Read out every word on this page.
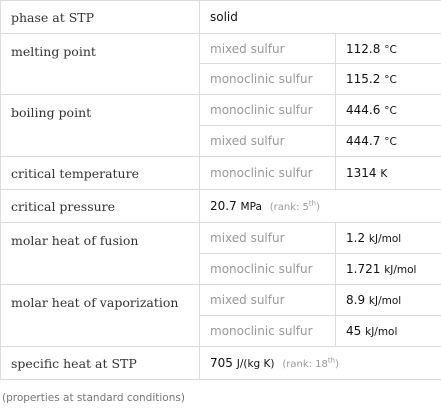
phase at STP	solid	
melting point	mixed sulfur	112.8 °C
	monoclinic sulfur	115.2 °C
boiling point	monoclinic sulfur	444.6 °C
	mixed sulfur	444.7 °C
critical temperature	monoclinic sulfur	1314 K
critical pressure	20.7 MPa (rank: 5th)	
molar heat of fusion	mixed sulfur	1.2 kJ/mol
	monoclinic sulfur	1.721 kJ/mol
molar heat of vaporization	mixed sulfur	8.9 kJ/mol
	monoclinic sulfur	45 kJ/mol
specific heat at STP	705 J/(kg K) (rank: 18th)	
(properties at standard conditions)
